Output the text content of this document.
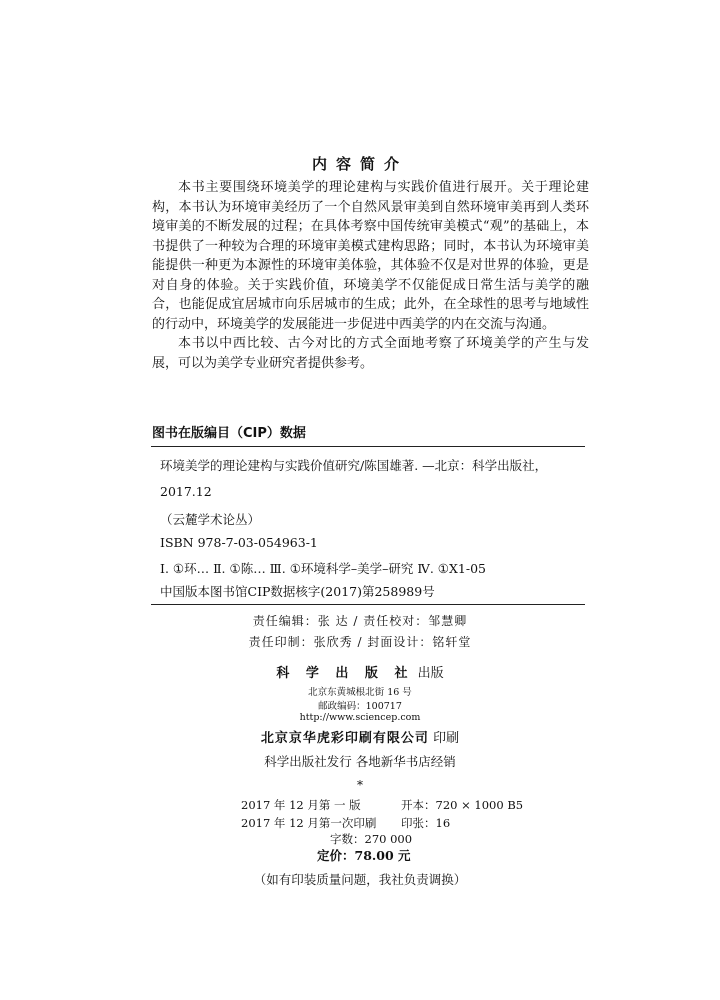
内容简介

本书主要围绕环境美学的理论建构与实践价值进行展开。关于理论建构，本书认为环境审美经历了一个自然风景审美到自然环境审美再到人类环境审美的不断发展的过程；在具体考察中国传统审美模式“观”的基础上，本书提供了一种较为合理的环境审美模式建构思路；同时，本书认为环境审美能提供一种更为本源性的环境审美体验，其体验不仅是对世界的体验，更是对自身的体验。关于实践价值，环境美学不仅能促成日常生活与美学的融合，也能促成宜居城市向乐居城市的生成；此外，在全球性的思考与地域性的行动中，环境美学的发展能进一步促进中西美学的内在交流与沟通。

本书以中西比较、古今对比的方式全面地考察了环境美学的产生与发展，可以为美学专业研究者提供参考。

图书在版编目（CIP）数据
环境美学的理论建构与实践价值研究/陈国雄著. —北京：科学出版社，
2017.12
（云麓学术论丛）
ISBN 978-7-03-054963-1
Ⅰ. ①环… Ⅱ. ①陈… Ⅲ. ①环境科学–美学–研究 Ⅳ. ①X1-05
中国版本图书馆CIP数据核字(2017)第258989号
责任编辑：张 达 / 责任校对：邹慧卿
责任印制：张欣秀 / 封面设计：铭轩堂
科 学 出 版 社 出版
北京东黄城根北街 16 号
邮政编码：100717
http://www.sciencep.com
北京京华虎彩印刷有限公司 印刷
科学出版社发行 各地新华书店经销
*
2017 年 12 月第 一 版	开本：720 × 1000 B5
2017 年 12 月第一次印刷 印张：16
字数：270 000
定价：78.00 元
（如有印装质量问题，我社负责调换）
